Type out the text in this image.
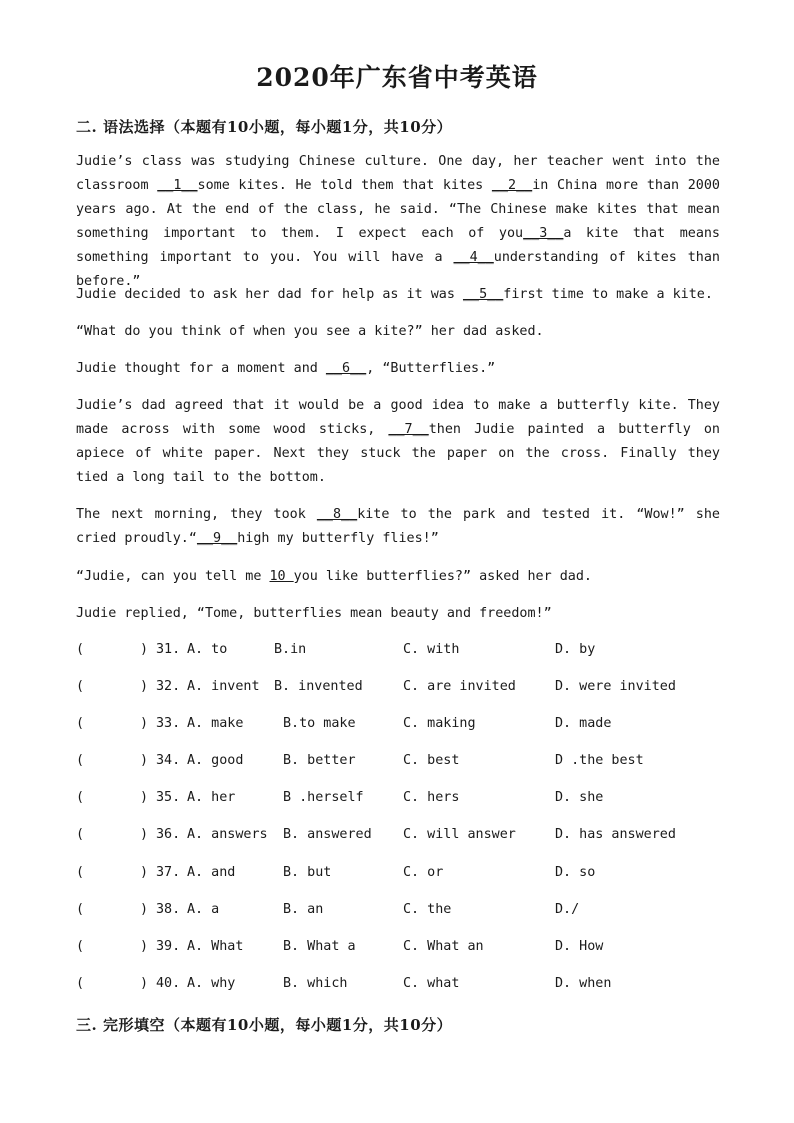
2020年广东省中考英语
二. 语法选择（本题有10小题，每小题1分，共10分）

Judie’s class was studying Chinese culture. One day, her teacher went into the classroom __1__some kites. He told them that kites __2__in China more than 2000 years ago. At the end of the class, he said. “The Chinese make kites that mean something important to them. I expect each of you__3__a kite that means something important to you. You will have a __4__understanding of kites than before.”

Judie decided to ask her dad for help as it was __5__first time to make a kite.

“What do you think of when you see a kite?” her dad asked.

Judie thought for a moment and __6__, “Butterflies.”

Judie’s dad agreed that it would be a good idea to make a butterfly kite. They made across with some wood sticks, __7__then Judie painted a butterfly on apiece of white paper. Next they stuck the paper on the cross. Finally they tied a long tail to the bottom.

The next morning, they took __8__kite to the park and tested it. “Wow!” she cried proudly.“__9__high my butterfly flies!”

“Judie, can you tell me 10 you like butterflies?” asked her dad.

Judie replied, “Tome, butterflies mean beauty and freedom!”

(	) 31. A. to	B.in	C. with	D. by
(	) 32. A. invent B. invented	C. are invited	D. were invited
(	) 33. A. make	B.to make	C. making	D. made
(	) 34. A. good	B. better	C. best	D .the best
(	) 35. A. her	B .herself	C. hers	D. she
(	) 36. A. answers B. answered C. will answer	D. has answered
(	) 37. A. and	B. but	C. or	D. so
(	) 38. A. a	B. an	C. the	D./
(	) 39. A. What	B. What a	C. What an	D. How
(	) 40. A. why	B. which	C. what	D. when
三. 完形填空（本题有10小题，每小题1分，共10分）
